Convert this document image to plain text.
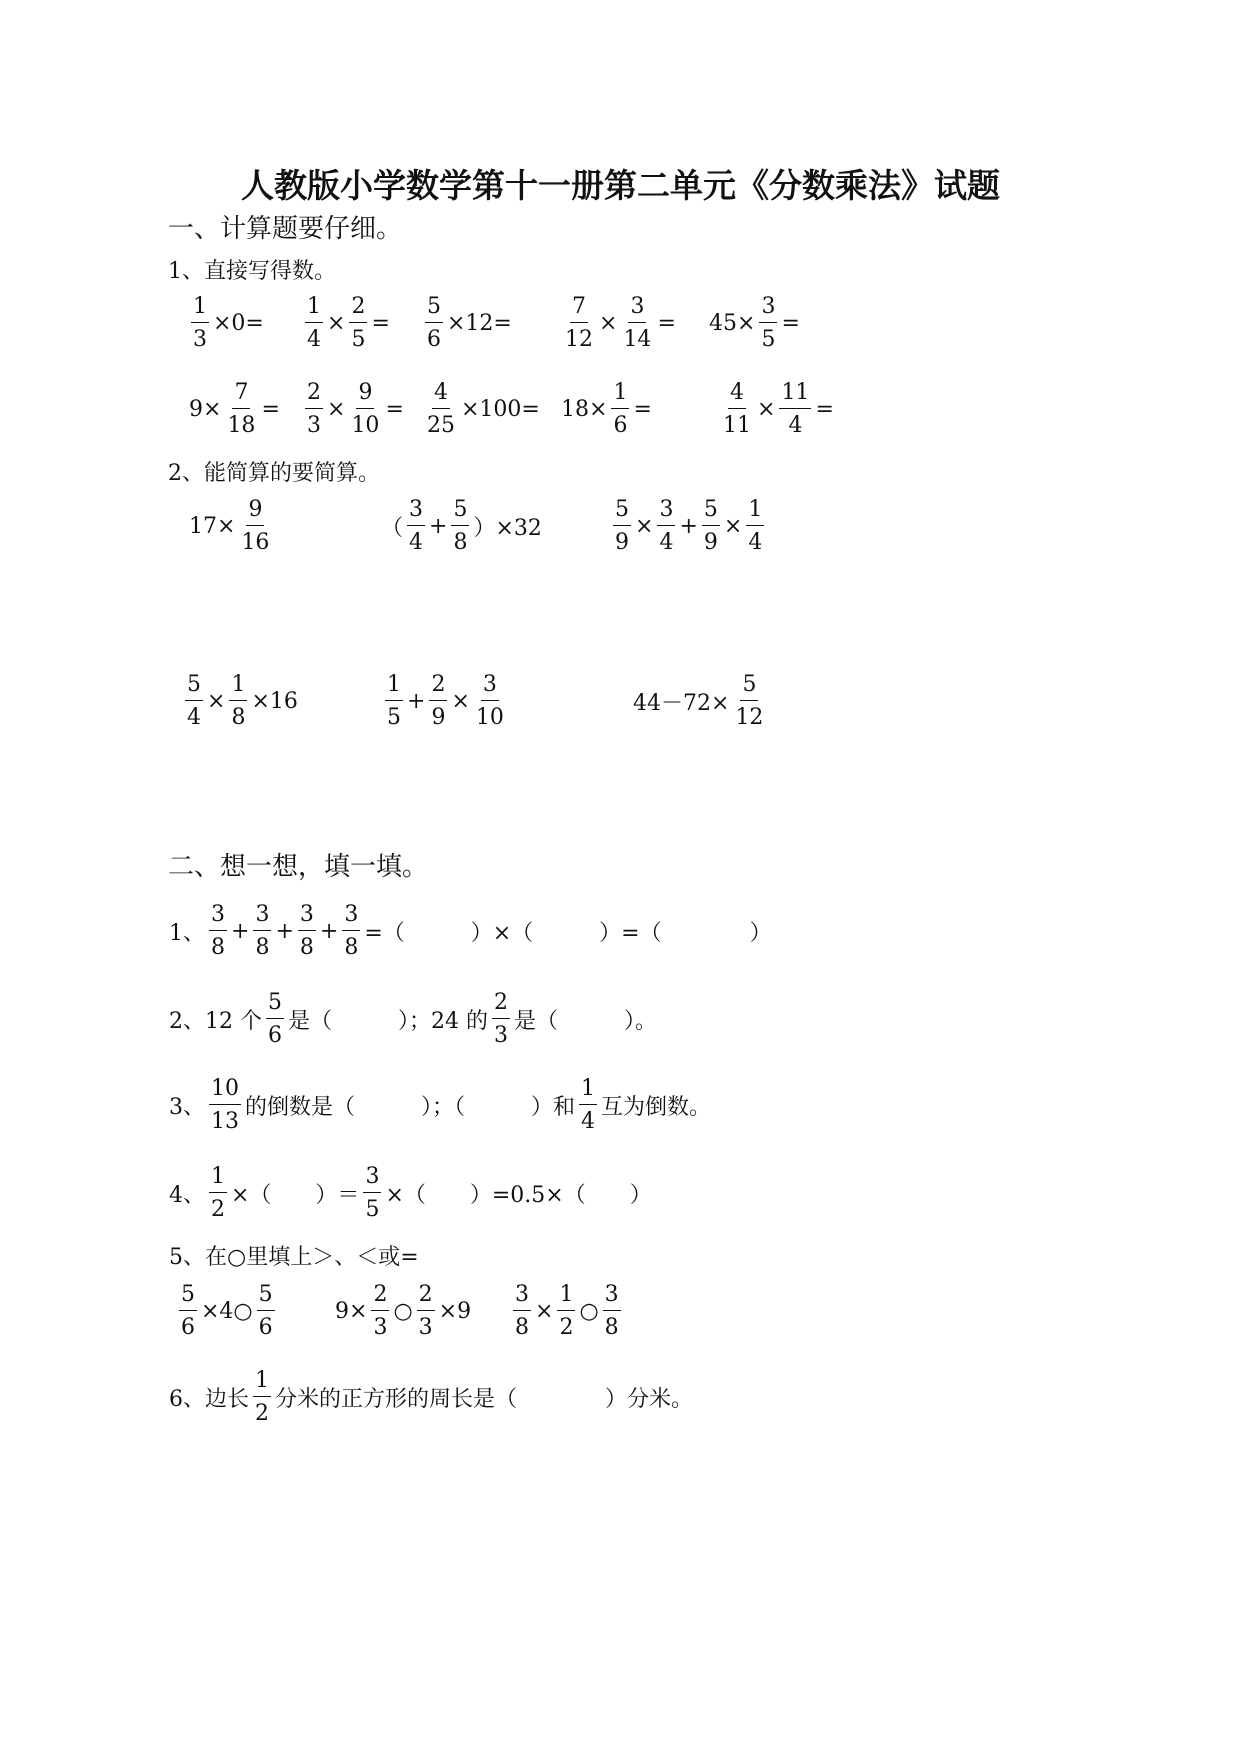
人教版小学数学第十一册第二单元《分数乘法》试题
一、计算题要仔细。
1、直接写得数。
$\frac{1}{3} \times 0= \frac{1}{4} \times \frac{2}{5} = \frac{5}{6} \times 12= \frac{7}{12} \times \frac{3}{14} = 45\times \frac{3}{5}$ =
$9\times \frac{7}{18} = \frac{2}{3} \times \frac{9}{10} = \frac{4}{25} \times 100= 18\times \frac{1}{6}$ =	$\frac{4}{11} \times \frac{11}{4}$ =
2、能简算的要简算。
$17\times \frac{9}{16}$	（ $\frac{3}{4} + \frac{5}{8} )\times 32$	$\frac{5}{9} \times \frac{3}{4} + \frac{5}{9} \times \frac{1}{4}$
$\frac{5}{4} \times \frac{1}{8} \times 16$	$\frac{1}{5} + \frac{2}{9} \times \frac{3}{10}$	$44-72\times \frac{5}{12}$
二、想一想，填一填。
1、 $\frac{3}{8} + \frac{3}{8} + \frac{3}{8} + \frac{3}{8}$ =（　　　）×（　　　）=（　　　　）
2、12 个 $\frac{5}{6}$ 是（　　　）；24 的 $\frac{2}{3}$ 是（　　　）。
3、 $\frac{10}{13}$ 的倒数是（　　　）；（　　　）和 $\frac{1}{4}$ 互为倒数。
4、 $\frac{1}{2}$ ×（　　）＝ $\frac{3}{5}$ ×（　　）=0.5×（　　）
5、在○里填上＞、＜或=
$\frac{5}{6}$ ×4○ $\frac{5}{6}$	$9\times \frac{2}{3}$ ○ $\frac{2}{3} \times 9 \frac{3}{8} \times \frac{1}{2}$ ○ $\frac{3}{8}$
6、边长 $\frac{1}{2}$ 分米的正方形的周长是（　　　　）分米。
